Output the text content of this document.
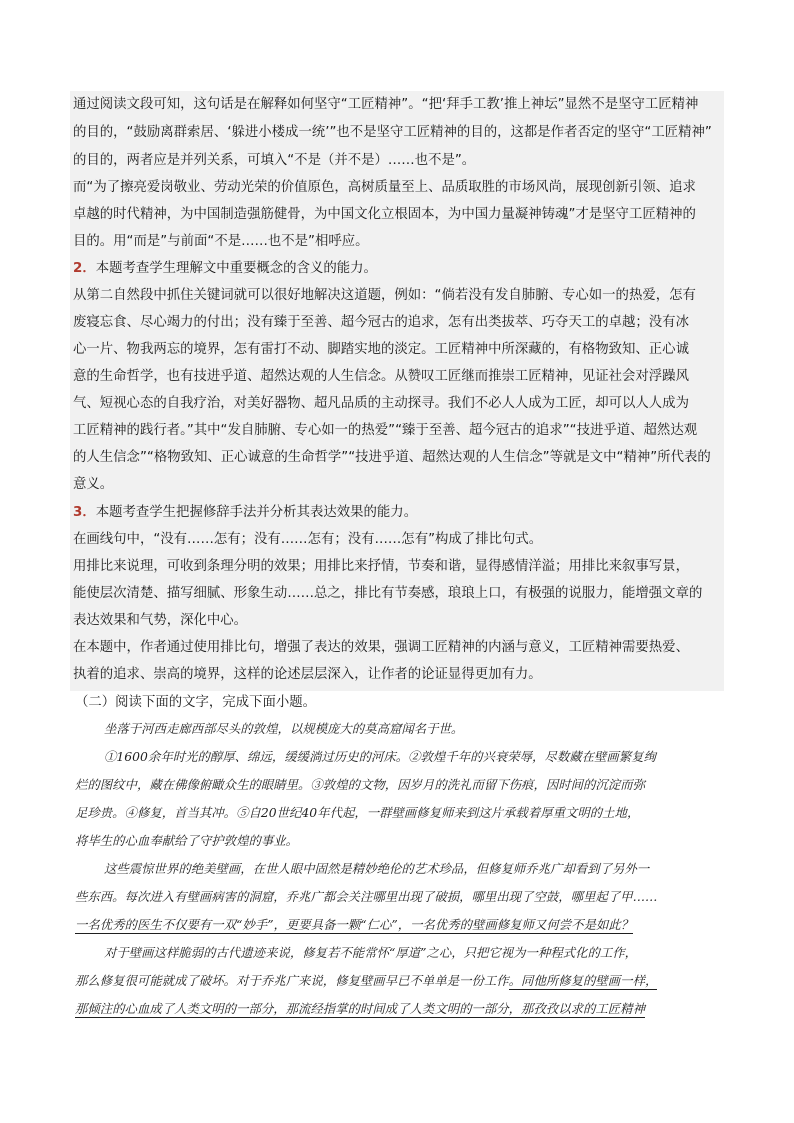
通过阅读文段可知，这句话是在解释如何坚守“工匠精神”。“把‘拜手工教’推上神坛”显然不是坚守工匠精神
的目的，“鼓励离群索居、‘躲进小楼成一统’”也不是坚守工匠精神的目的，这都是作者否定的坚守“工匠精神”
的目的，两者应是并列关系，可填入“不是（并不是）……也不是”。
而“为了擦亮爱岗敬业、劳动光荣的价值原色，高树质量至上、品质取胜的市场风尚，展现创新引领、追求
卓越的时代精神，为中国制造强筋健骨，为中国文化立根固本，为中国力量凝神铸魂”才是坚守工匠精神的
目的。用“而是”与前面“不是……也不是”相呼应。
2．本题考查学生理解文中重要概念的含义的能力。
从第二自然段中抓住关键词就可以很好地解决这道题，例如：“倘若没有发自肺腑、专心如一的热爱，怎有
废寝忘食、尽心竭力的付出；没有臻于至善、超今冠古的追求，怎有出类拔萃、巧夺天工的卓越；没有冰
心一片、物我两忘的境界，怎有雷打不动、脚踏实地的淡定。工匠精神中所深藏的，有格物致知、正心诚
意的生命哲学，也有技进乎道、超然达观的人生信念。从赞叹工匠继而推崇工匠精神，见证社会对浮躁风
气、短视心态的自我疗治，对美好器物、超凡品质的主动探寻。我们不必人人成为工匠，却可以人人成为
工匠精神的践行者。”其中“发自肺腑、专心如一的热爱”“臻于至善、超今冠古的追求”“技进乎道、超然达观
的人生信念”“格物致知、正心诚意的生命哲学”“技进乎道、超然达观的人生信念”等就是文中“精神”所代表的
意义。
3．本题考查学生把握修辞手法并分析其表达效果的能力。
在画线句中，“没有……怎有；没有……怎有；没有……怎有”构成了排比句式。
用排比来说理，可收到条理分明的效果；用排比来抒情，节奏和谐，显得感情洋溢；用排比来叙事写景，
能使层次清楚、描写细腻、形象生动……总之，排比有节奏感，琅琅上口，有极强的说服力，能增强文章的
表达效果和气势，深化中心。
在本题中，作者通过使用排比句，增强了表达的效果，强调工匠精神的内涵与意义，工匠精神需要热爱、
执着的追求、崇高的境界，这样的论述层层深入，让作者的论证显得更加有力。
（二）阅读下面的文字，完成下面小题。
坐落于河西走廊西部尽头的敦煌，以规模庞大的莫高窟闻名于世。
①1600余年时光的醇厚、绵远，缓缓淌过历史的河床。②敦煌千年的兴衰荣辱，尽数藏在壁画繁复绚
烂的图纹中，藏在佛像俯瞰众生的眼睛里。③敦煌的文物，因岁月的洗礼而留下伤痕，因时间的沉淀而弥
足珍贵。④修复，首当其冲。⑤自20世纪40年代起，一群壁画修复师来到这片承载着厚重文明的土地，
将毕生的心血奉献给了守护敦煌的事业。
这些震惊世界的绝美壁画，在世人眼中固然是精妙绝伦的艺术珍品，但修复师乔兆广却看到了另外一
些东西。每次进入有壁画病害的洞窟，乔兆广都会关注哪里出现了破损，哪里出现了空鼓，哪里起了甲……
一名优秀的医生不仅要有一双“妙手”，更要具备一颗“仁心”，一名优秀的壁画修复师又何尝不是如此？
对于壁画这样脆弱的古代遗迹来说，修复若不能常怀“厚道”之心，只把它视为一种程式化的工作，
那么修复很可能就成了破坏。对于乔兆广来说，修复壁画早已不单单是一份工作。同他所修复的壁画一样，
那倾注的心血成了人类文明的一部分，那流经指掌的时间成了人类文明的一部分，那孜孜以求的工匠精神
